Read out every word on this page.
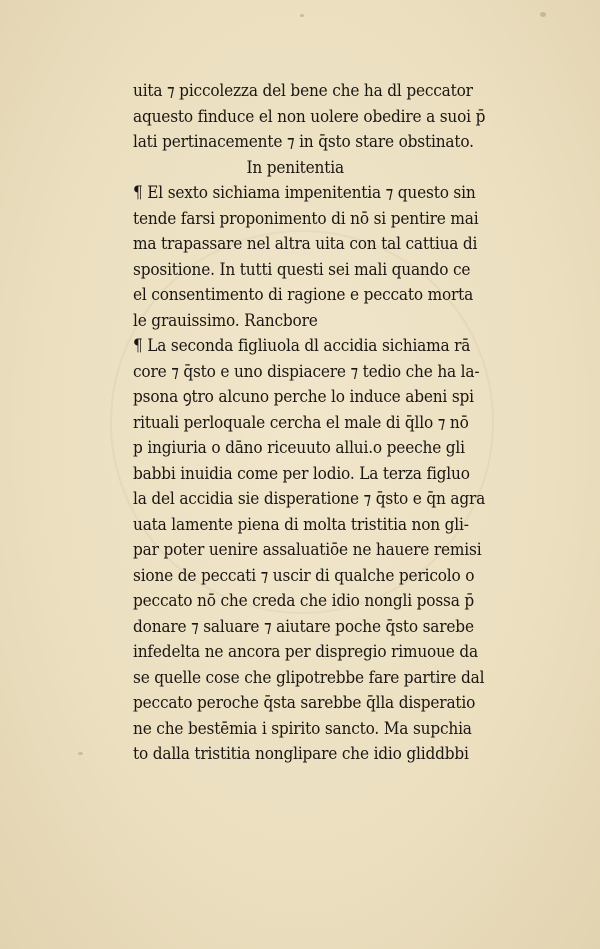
uita ⁊ piccolezza del bene che ha dl peccator
aquesto finduce el non uolere obedire a suoi p̄
lati pertinacemente ⁊ in q̄sto stare obstinato.
In penitentia
¶ El sexto sichiama impenitentia ⁊ questo sin
tende farsi proponimento di nō si pentire mai
ma trapassare nel altra uita con tal cattiua di
spositione. In tutti questi sei mali quando ce
el consentimento di ragione e peccato morta
le grauissimo. Rancbore
¶ La seconda figliuola dl accidia sichiama rā
core ⁊ q̄sto e uno dispiacere ⁊ tedio che ha la-
psona ꝯtro alcuno perche lo induce abeni spi
rituali perloquale cercha el male di q̄llo ⁊ nō
p ingiuria o dāno riceuuto allui.o peeche gli
babbi inuidia come per lodio. La terza figluo
la del accidia sie disperatione ⁊ q̄sto e q̄n agra
uata lamente piena di molta tristitia non gli-
par poter uenire assaluatiōe ne hauere remisi
sione de peccati ⁊ uscir di qualche pericolo o
peccato nō che creda che idio nongli possa p̄
donare ⁊ saluare ⁊ aiutare poche q̄sto sarebe
infedelta ne ancora per dispregio rimuoue da
se quelle cose che glipotrebbe fare partire dal
peccato peroche q̄sta sarebbe q̄lla disperatio
ne che bestēmia i spirito sancto. Ma supchia
to dalla tristitia nonglipare che idio gliddbbi
